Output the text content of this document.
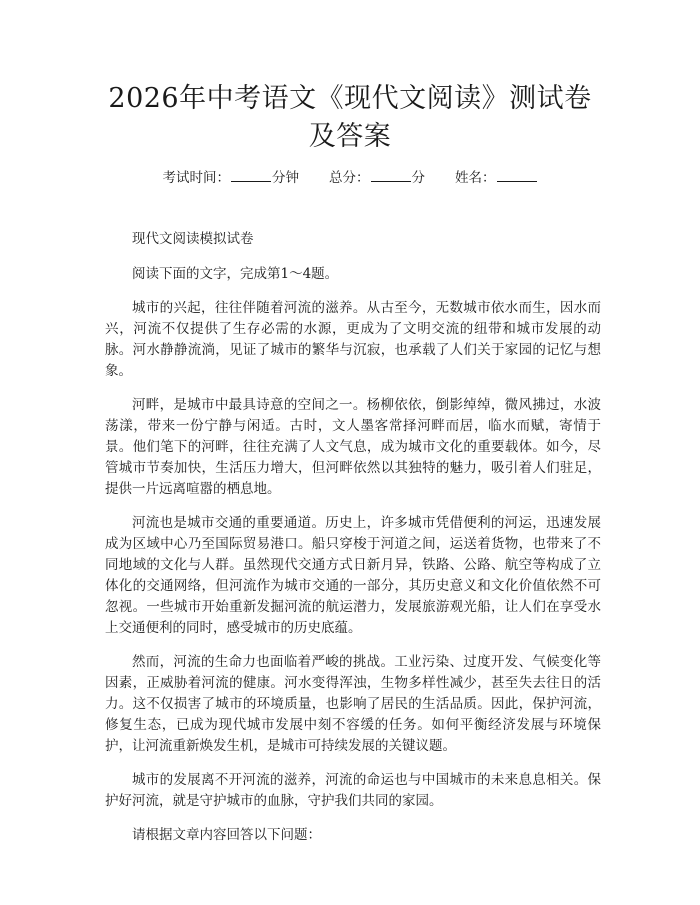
2026年中考语文《现代文阅读》测试卷及答案
考试时间：	分钟 总分：	分 姓名：

现代文阅读模拟试卷

阅读下面的文字，完成第1～4题。

城市的兴起，往往伴随着河流的滋养。从古至今，无数城市依水而生，因水而兴，河流不仅提供了生存必需的水源，更成为了文明交流的纽带和城市发展的动脉。河水静静流淌，见证了城市的繁华与沉寂，也承载了人们关于家园的记忆与想象。

河畔，是城市中最具诗意的空间之一。杨柳依依，倒影绰绰，微风拂过，水波荡漾，带来一份宁静与闲适。古时，文人墨客常择河畔而居，临水而赋，寄情于景。他们笔下的河畔，往往充满了人文气息，成为城市文化的重要载体。如今，尽管城市节奏加快，生活压力增大，但河畔依然以其独特的魅力，吸引着人们驻足，提供一片远离喧嚣的栖息地。

河流也是城市交通的重要通道。历史上，许多城市凭借便利的河运，迅速发展成为区域中心乃至国际贸易港口。船只穿梭于河道之间，运送着货物，也带来了不同地域的文化与人群。虽然现代交通方式日新月异，铁路、公路、航空等构成了立体化的交通网络，但河流作为城市交通的一部分，其历史意义和文化价值依然不可忽视。一些城市开始重新发掘河流的航运潜力，发展旅游观光船，让人们在享受水上交通便利的同时，感受城市的历史底蕴。

然而，河流的生命力也面临着严峻的挑战。工业污染、过度开发、气候变化等因素，正威胁着河流的健康。河水变得浑浊，生物多样性减少，甚至失去往日的活力。这不仅损害了城市的环境质量，也影响了居民的生活品质。因此，保护河流，修复生态，已成为现代城市发展中刻不容缓的任务。如何平衡经济发展与环境保护，让河流重新焕发生机，是城市可持续发展的关键议题。

城市的发展离不开河流的滋养，河流的命运也与中国城市的未来息息相关。保护好河流，就是守护城市的血脉，守护我们共同的家园。

请根据文章内容回答以下问题：
